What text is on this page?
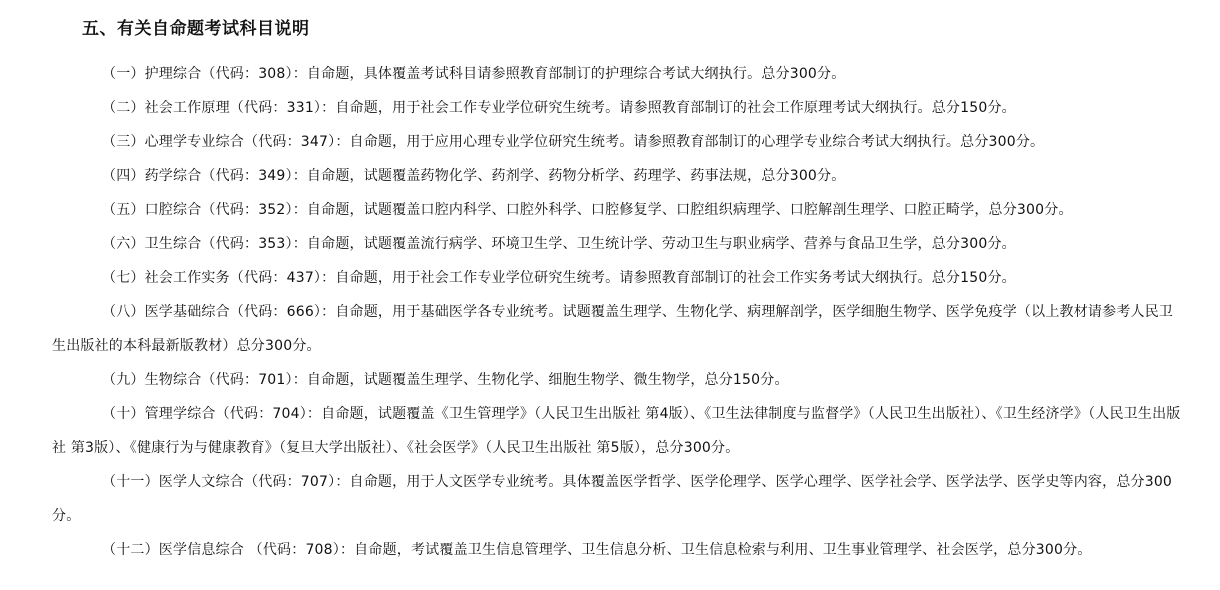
五、有关自命题考试科目说明

（一）护理综合（代码：308）：自命题，具体覆盖考试科目请参照教育部制订的护理综合考试大纲执行。总分300分。

（二）社会工作原理（代码：331）：自命题，用于社会工作专业学位研究生统考。请参照教育部制订的社会工作原理考试大纲执行。总分150分。

（三）心理学专业综合（代码：347）：自命题，用于应用心理专业学位研究生统考。请参照教育部制订的心理学专业综合考试大纲执行。总分300分。

（四）药学综合（代码：349）：自命题，试题覆盖药物化学、药剂学、药物分析学、药理学、药事法规，总分300分。

（五）口腔综合（代码：352）：自命题，试题覆盖口腔内科学、口腔外科学、口腔修复学、口腔组织病理学、口腔解剖生理学、口腔正畸学，总分300分。

（六）卫生综合（代码：353）：自命题，试题覆盖流行病学、环境卫生学、卫生统计学、劳动卫生与职业病学、营养与食品卫生学，总分300分。

（七）社会工作实务（代码：437）：自命题，用于社会工作专业学位研究生统考。请参照教育部制订的社会工作实务考试大纲执行。总分150分。

（八）医学基础综合（代码：666）：自命题，用于基础医学各专业统考。试题覆盖生理学、生物化学、病理解剖学，医学细胞生物学、医学免疫学（以上教材请参考人民卫生出版社的本科最新版教材）总分300分。

（九）生物综合（代码：701）：自命题，试题覆盖生理学、生物化学、细胞生物学、微生物学，总分150分。

（十）管理学综合（代码：704）：自命题，试题覆盖《卫生管理学》（人民卫生出版社 第4版）、《卫生法律制度与监督学》（人民卫生出版社）、《卫生经济学》（人民卫生出版社 第3版）、《健康行为与健康教育》（复旦大学出版社）、《社会医学》（人民卫生出版社 第5版），总分300分。

（十一）医学人文综合（代码：707）：自命题，用于人文医学专业统考。具体覆盖医学哲学、医学伦理学、医学心理学、医学社会学、医学法学、医学史等内容，总分300分。

（十二）医学信息综合 （代码：708）：自命题，考试覆盖卫生信息管理学、卫生信息分析、卫生信息检索与利用、卫生事业管理学、社会医学，总分300分。
